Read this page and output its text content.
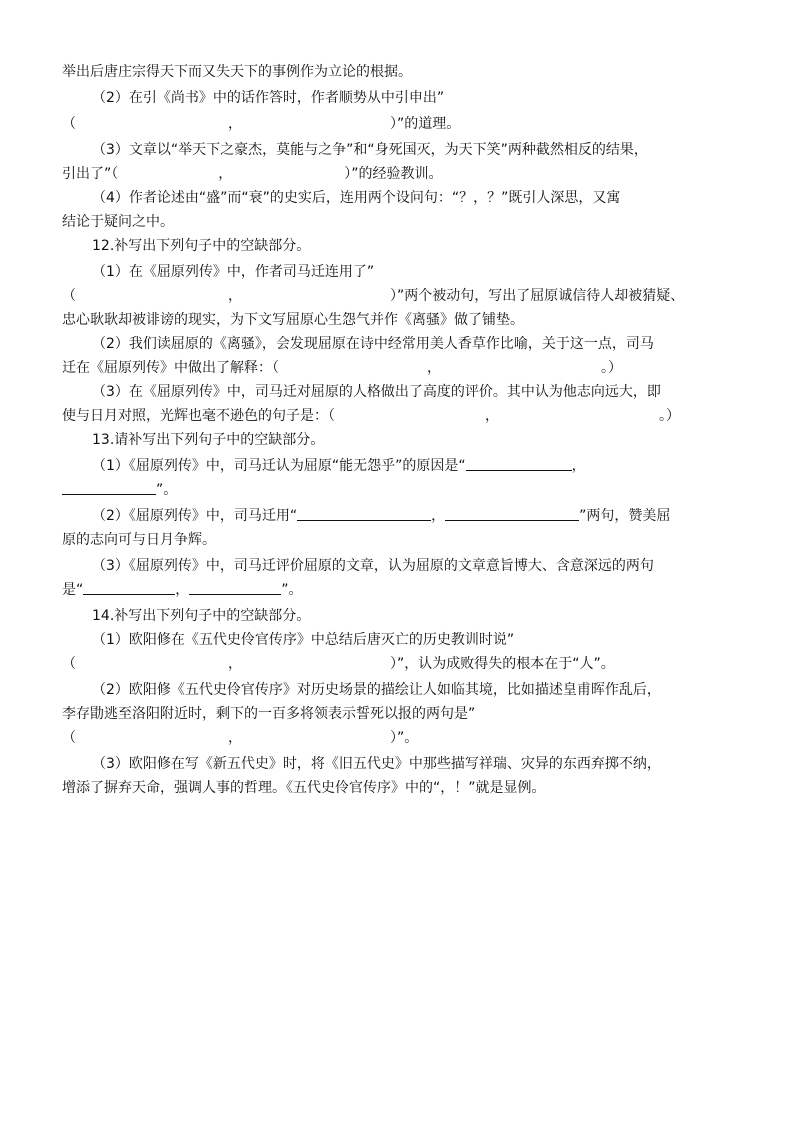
举出后唐庄宗得天下而又失天下的事例作为立论的根据。
（2）在引《尚书》中的话作答时，作者顺势从中引申出”
（	，	）”的道理。
（3）文章以“举天下之豪杰，莫能与之争”和“身死国灭，为天下笑”两种截然相反的结果，
引出了”（	，	）”的经验教训。
（4）作者论述由“盛”而“衰”的史实后，连用两个设问句：“？，？”既引人深思，又寓
结论于疑问之中。
12.补写出下列句子中的空缺部分。
（1）在《屈原列传》中，作者司马迁连用了”
（	，	）”两个被动句，写出了屈原诚信待人却被猜疑、
忠心耿耿却被诽谤的现实，为下文写屈原心生怨气并作《离骚》做了铺垫。
（2）我们读屈原的《离骚》，会发现屈原在诗中经常用美人香草作比喻，关于这一点，司马
迁在《屈原列传》中做出了解释：（	，	。）
（3）在《屈原列传》中，司马迁对屈原的人格做出了高度的评价。其中认为他志向远大，即
使与日月对照，光辉也毫不逊色的句子是：（	，	。）
13.请补写出下列句子中的空缺部分。
（1）《屈原列传》中，司马迁认为屈原“能无怨乎”的原因是“	，
”。
（2）《屈原列传》中，司马迁用“	，	”两句，赞美屈
原的志向可与日月争辉。
（3）《屈原列传》中，司马迁评价屈原的文章，认为屈原的文章意旨博大、含意深远的两句
是“	，	”。
14.补写出下列句子中的空缺部分。
（1）欧阳修在《五代史伶官传序》中总结后唐灭亡的历史教训时说”
（	，	）”，认为成败得失的根本在于“人”。
（2）欧阳修《五代史伶官传序》对历史场景的描绘让人如临其境，比如描述皇甫晖作乱后，
李存勖逃至洛阳附近时，剩下的一百多将领表示誓死以报的两句是”
（	，	）”。
（3）欧阳修在写《新五代史》时，将《旧五代史》中那些描写祥瑞、灾异的东西弃掷不纳，
增添了摒弃天命，强调人事的哲理。《五代史伶官传序》中的“，！”就是显例。
